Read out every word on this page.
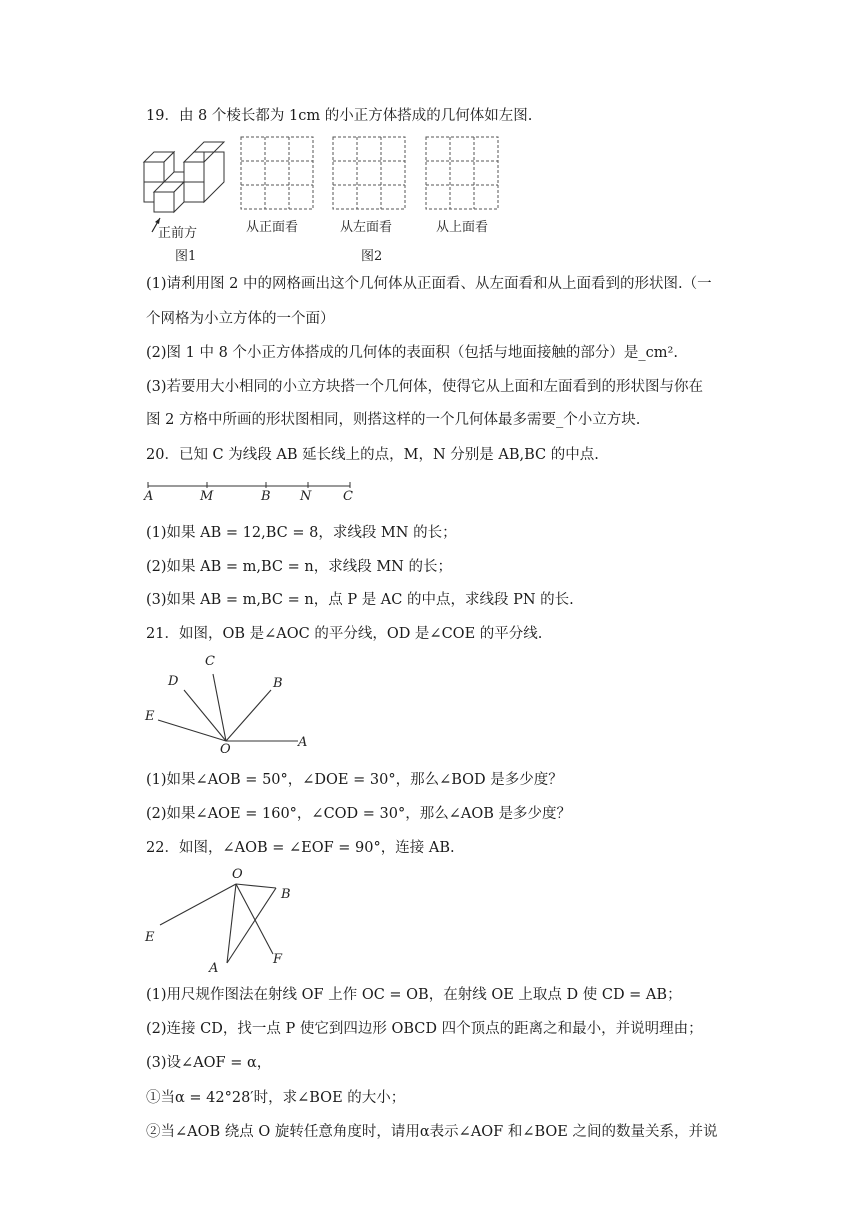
19．由 8 个棱长都为 1cm 的小正方体搭成的几何体如左图.
正前方
图1
从正面看	从左面看	从上面看
图2
(1)请利用图 2 中的网格画出这个几何体从正面看、从左面看和从上面看到的形状图.（一
个网格为小立方体的一个面）
(2)图 1 中 8 个小正方体搭成的几何体的表面积（包括与地面接触的部分）是_cm².
(3)若要用大小相同的小立方块搭一个几何体，使得它从上面和左面看到的形状图与你在
图 2 方格中所画的形状图相同，则搭这样的一个几何体最多需要_个小立方块.
20．已知 C 为线段 AB 延长线上的点，M，N 分别是 AB,BC 的中点.
A	M	B N C
(1)如果 AB = 12,BC = 8，求线段 MN 的长；
(2)如果 AB = m,BC = n，求线段 MN 的长；
(3)如果 AB = m,BC = n，点 P 是 AC 的中点，求线段 PN 的长.
21．如图，OB 是∠AOC 的平分线，OD 是∠COE 的平分线.
C
D	B
E
O	A
(1)如果∠AOB = 50°，∠DOE = 30°，那么∠BOD 是多少度？
(2)如果∠AOE = 160°，∠COD = 30°，那么∠AOB 是多少度？
22．如图，∠AOB = ∠EOF = 90°，连接 AB.
O
B
E
A
F
(1)用尺规作图法在射线 OF 上作 OC = OB，在射线 OE 上取点 D 使 CD = AB；
(2)连接 CD，找一点 P 使它到四边形 OBCD 四个顶点的距离之和最小，并说明理由；
(3)设∠AOF = α，
①当α = 42°28′时，求∠BOE 的大小；
②当∠AOB 绕点 O 旋转任意角度时，请用α表示∠AOF 和∠BOE 之间的数量关系，并说
